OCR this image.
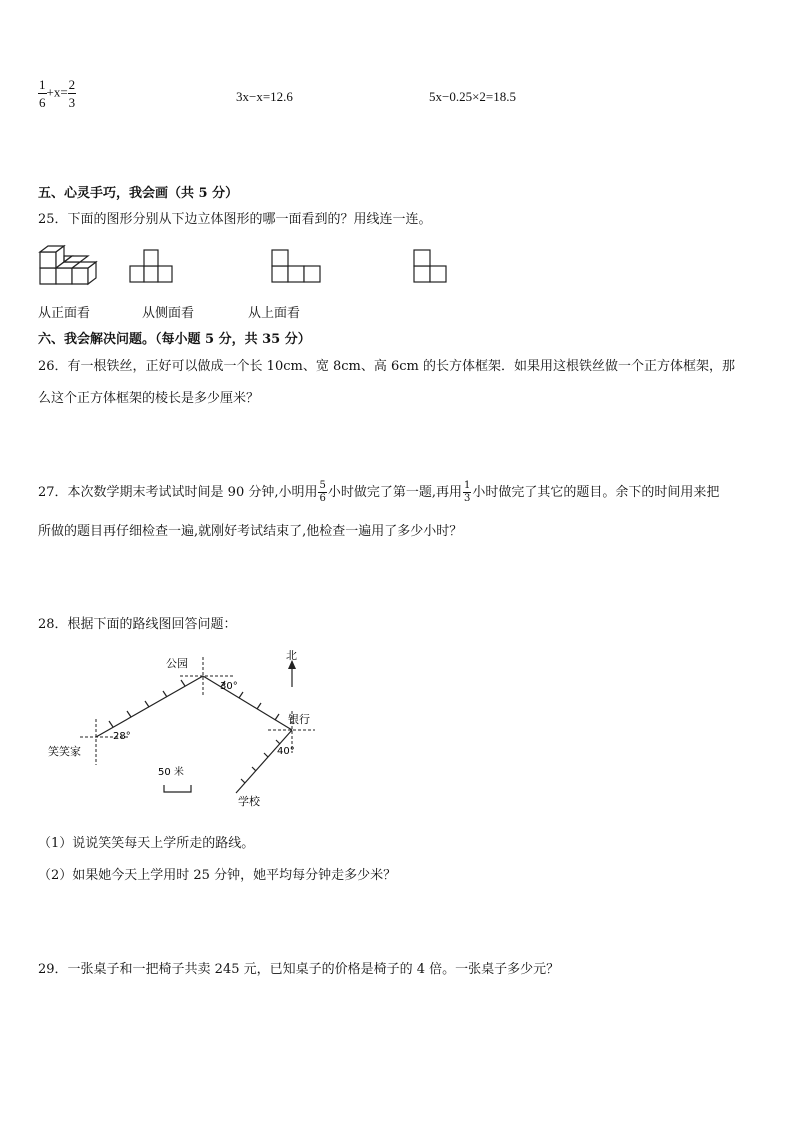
$\frac{1}{6} +x= \frac{2}{3}$	3x−x=12.6	5x−0.25×2=18.5
五、心灵手巧，我会画（共 5 分）
25．下面的图形分别从下边立体图形的哪一面看到的？用线连一连。
从正面看	从侧面看	从上面看
六、我会解决问题。（每小题 5 分，共 35 分）
26．有一根铁丝，正好可以做成一个长 10cm、宽 8cm、高 6cm 的长方体框架．如果用这根铁丝做一个正方体框架，那
么这个正方体框架的棱长是多少厘米？
27．本次数学期末考试试时间是 90 分钟,小明用 $\frac{5}{6}$ 小时做完了第一题,再用 $\frac{1}{3}$ 小时做完了其它的题目。余下的时间用来把
所做的题目再仔细检查一遍,就刚好考试结束了,他检查一遍用了多少小时？
28．根据下面的路线图回答问题：
北
公园
银行
笑笑家
学校
28°
30°
40°
50 米
（1）说说笑笑每天上学所走的路线。
（2）如果她今天上学用时 25 分钟，她平均每分钟走多少米？
29．一张桌子和一把椅子共卖 245 元，已知桌子的价格是椅子的 4 倍。一张桌子多少元？
